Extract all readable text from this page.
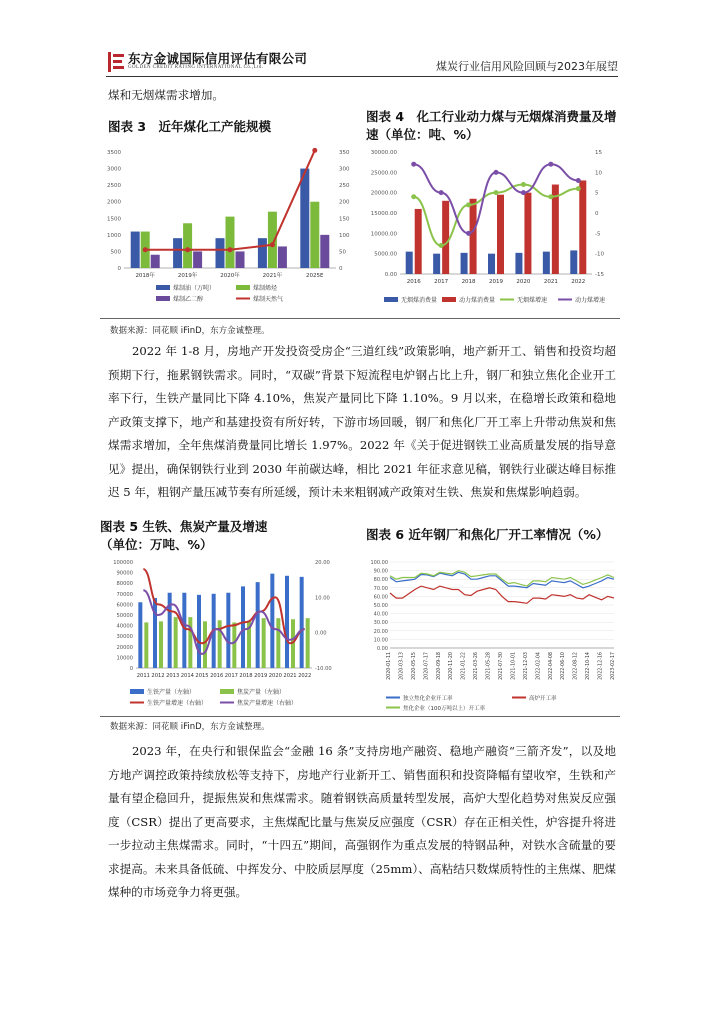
东方金诚国际信用评估有限公司
GOLDEN CREDIT RATING INTERNATIONAL Co.,Ltd.	煤炭行业信用风险回顾与2023年展望
煤和无烟煤需求增加。
图表 3　近年煤化工产能规模
0
500
1000
1500
2000
2500
3000
3500
0
50
100
150
200
250
300
350
2018年	2019年	2020年	2021年	2025E
煤制油（万吨）	煤制烯烃
煤制乙二醇	煤制天然气
图表 4　化工行业动力煤与无烟煤消费量及增速（单位：吨、%）
0.00
5000.00
10000.00
15000.00
20000.00
25000.00
30000.00
-15
-10
-5
0
5
10
15
2016 2017 2018 2019 2020 2021 2022
无烟煤消费量	动力煤消费量	无烟煤增速	动力煤增速
数据来源：同花顺 iFinD，东方金诚整理。
2022 年 1-8 月，房地产开发投资受房企“三道红线”政策影响，地产新开工、销售和投资均超预期下行，拖累钢铁需求。同时，“双碳”背景下短流程电炉钢占比上升，钢厂和独立焦化企业开工率下行，生铁产量同比下降 4.10%，焦炭产量同比下降 1.10%。9 月以来，在稳增长政策和稳地产政策支撑下，地产和基建投资有所好转，下游市场回暖，钢厂和焦化厂开工率上升带动焦炭和焦煤需求增加，全年焦煤消费量同比增长 1.97%。2022 年《关于促进钢铁工业高质量发展的指导意见》提出，确保钢铁行业到 2030 年前碳达峰，相比 2021 年征求意见稿，钢铁行业碳达峰目标推迟 5 年，粗钢产量压减节奏有所延缓，预计未来粗钢减产政策对生铁、焦炭和焦煤影响趋弱。
图表 5 生铁、焦炭产量及增速
（单位：万吨、%）
0
10000
20000
30000
40000
50000
60000
70000
80000
90000
100000
-10.00
0.00
10.00
20.00
2011 2012 2013 2014 2015 2016 2017 2018 2019 2020 2021 2022
生铁产量（左轴）	焦炭产量（左轴）
生铁产量增速（右轴）	焦炭产量增速（右轴）
图表 6 近年钢厂和焦化厂开工率情况（%）
0.00
10.00
20.00
30.00
40.00
50.00
60.00
70.00
80.00
90.00
100.00
2020-01-11 2020-03-13 2020-05-15 2020-07-17 2020-09-18 2020-11-20 2021-01-22 2021-03-26 2021-05-28 2021-07-30 2021-10-01 2021-12-03 2022-02-04 2022-04-08 2022-06-10 2022-08-12 2022-10-14 2022-12-16 2023-02-17
独立焦化企业开工率	高炉开工率
焦化企业（100万吨以上）开工率
数据来源：同花顺 iFinD，东方金诚整理。
2023 年，在央行和银保监会“金融 16 条”支持房地产融资、稳地产融资“三箭齐发”，以及地方地产调控政策持续放松等支持下，房地产行业新开工、销售面积和投资降幅有望收窄，生铁和产量有望企稳回升，提振焦炭和焦煤需求。随着钢铁高质量转型发展，高炉大型化趋势对焦炭反应强度（CSR）提出了更高要求，主焦煤配比量与焦炭反应强度（CSR）存在正相关性，炉容提升将进一步拉动主焦煤需求。同时，“十四五”期间，高强钢作为重点发展的特钢品种，对铁水含硫量的要求提高。未来具备低硫、中挥发分、中胶质层厚度（25mm）、高粘结只数煤质特性的主焦煤、肥煤煤种的市场竞争力将更强。
